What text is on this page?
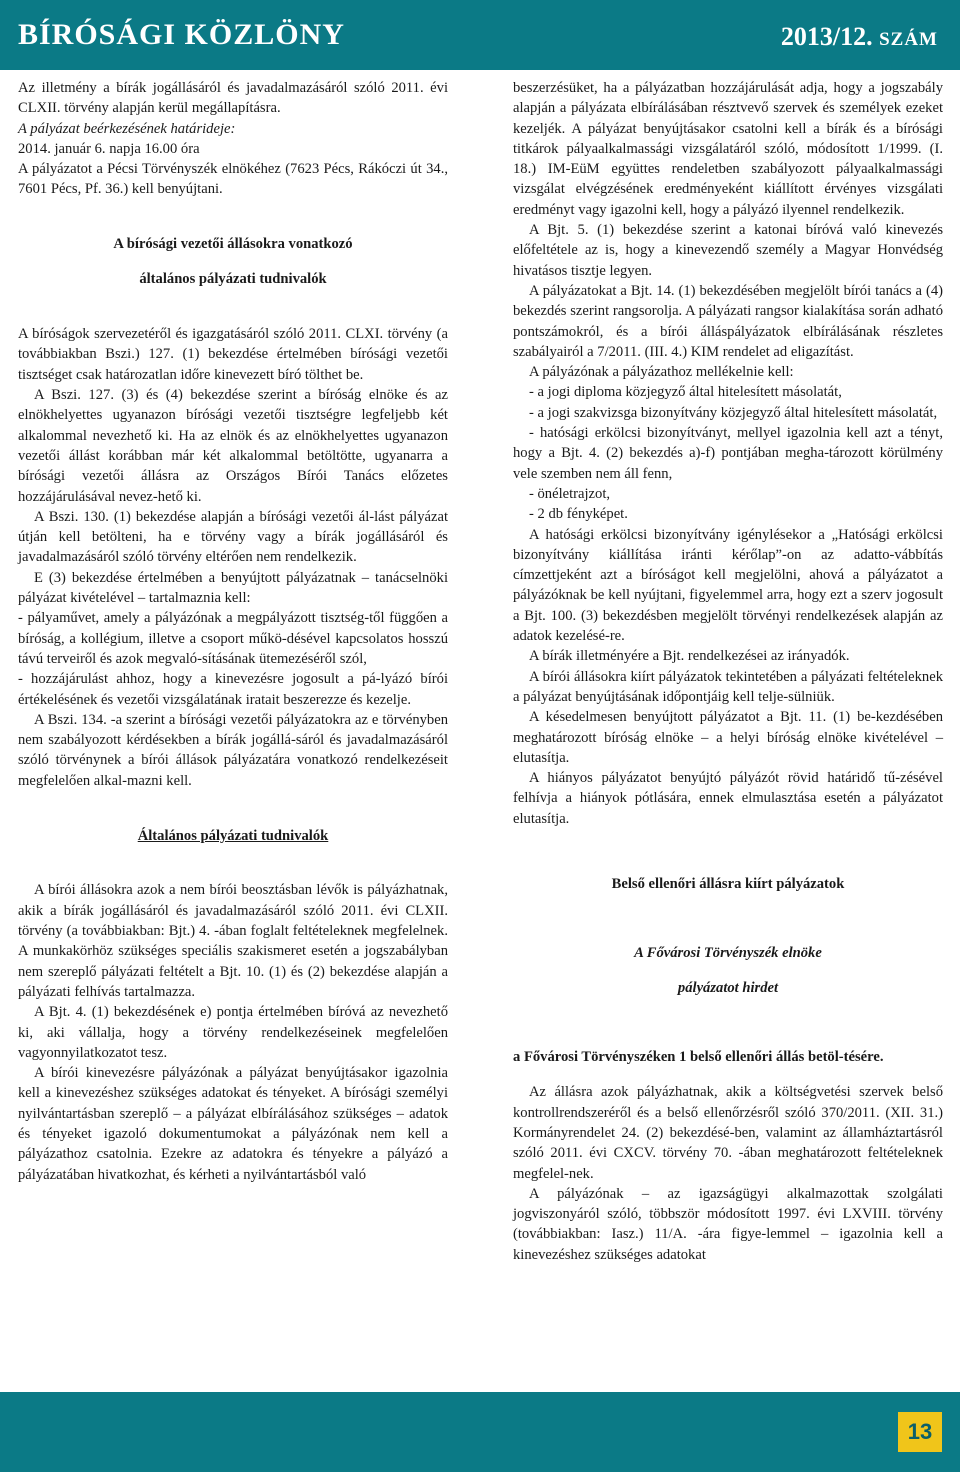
BÍRÓSÁGI KÖZLÖNY	2013/12. SZÁM

Az illetmény a bírák jogállásáról és javadalmazásáról szóló 2011. évi CLXII. törvény alapján kerül megállapításra.

A pályázat beérkezésének határideje:

2014. január 6. napja 16.00 óra

A pályázatot a Pécsi Törvényszék elnökéhez (7623 Pécs, Rákóczi út 34., 7601 Pécs, Pf. 36.) kell benyújtani.

A bírósági vezetői állásokra vonatkozó

általános pályázati tudnivalók

A bíróságok szervezetéről és igazgatásáról szóló 2011. CLXI. törvény (a továbbiakban Bszi.) 127. (1) bekezdése értelmében bírósági vezetői tisztséget csak határozatlan időre kinevezett bíró tölthet be.

A Bszi. 127. (3) és (4) bekezdése szerint a bíróság elnöke és az elnökhelyettes ugyanazon bírósági vezetői tisztségre legfeljebb két alkalommal nevezhető ki. Ha az elnök és az elnökhelyettes ugyanazon vezetői állást korábban már két alkalommal betöltötte, ugyanarra a bírósági vezetői állásra az Országos Bírói Tanács előzetes hozzájárulásával nevez-hető ki.

A Bszi. 130. (1) bekezdése alapján a bírósági vezetői ál-lást pályázat útján kell betölteni, ha e törvény vagy a bírák jogállásáról és javadalmazásáról szóló törvény eltérően nem rendelkezik.

E (3) bekezdése értelmében a benyújtott pályázatnak – tanácselnöki pályázat kivételével – tartalmaznia kell:

- pályaművet, amely a pályázónak a megpályázott tisztség-től függően a bíróság, a kollégium, illetve a csoport műkö-désével kapcsolatos hosszú távú terveiről és azok megvaló-sításának ütemezéséről szól,

- hozzájárulást ahhoz, hogy a kinevezésre jogosult a pá-lyázó bírói értékelésének és vezetői vizsgálatának iratait beszerezze és kezelje.

A Bszi. 134. -a szerint a bírósági vezetői pályázatokra az e törvényben nem szabályozott kérdésekben a bírák jogállá-sáról és javadalmazásáról szóló törvénynek a bírói állások pályázatára vonatkozó rendelkezéseit megfelelően alkal-mazni kell.

Általános pályázati tudnivalók

A bírói állásokra azok a nem bírói beosztásban lévők is pályázhatnak, akik a bírák jogállásáról és javadalmazásáról szóló 2011. évi CLXII. törvény (a továbbiakban: Bjt.) 4. -ában foglalt feltételeknek megfelelnek. A munkakörhöz szükséges speciális szakismeret esetén a jogszabályban nem szereplő pályázati feltételt a Bjt. 10. (1) és (2) bekezdése alapján a pályázati felhívás tartalmazza.

A Bjt. 4. (1) bekezdésének e) pontja értelmében bíróvá az nevezhető ki, aki vállalja, hogy a törvény rendelkezéseinek megfelelően vagyonnyilatkozatot tesz.

A bírói kinevezésre pályázónak a pályázat benyújtásakor igazolnia kell a kinevezéshez szükséges adatokat és tényeket. A bírósági személyi nyilvántartásban szereplő – a pályázat elbírálásához szükséges – adatok és tényeket igazoló dokumentumokat a pályázónak nem kell a pályázathoz csatolnia. Ezekre az adatokra és tényekre a pályázó a pályázatában hivatkozhat, és kérheti a nyilvántartásból való

beszerzésüket, ha a pályázatban hozzájárulását adja, hogy a jogszabály alapján a pályázata elbírálásában résztvevő szervek és személyek ezeket kezeljék. A pályázat benyújtásakor csatolni kell a bírák és a bírósági titkárok pályaalkalmassági vizsgálatáról szóló, módosított 1/1999. (I. 18.) IM-EüM együttes rendeletben szabályozott pályaalkalmassági vizsgálat elvégzésének eredményeként kiállított érvényes vizsgálati eredményt vagy igazolni kell, hogy a pályázó ilyennel rendelkezik.

A Bjt. 5. (1) bekezdése szerint a katonai bíróvá való kinevezés előfeltétele az is, hogy a kinevezendő személy a Magyar Honvédség hivatásos tisztje legyen.

A pályázatokat a Bjt. 14. (1) bekezdésében megjelölt bírói tanács a (4) bekezdés szerint rangsorolja. A pályázati rangsor kialakítása során adható pontszámokról, és a bírói álláspályázatok elbírálásának részletes szabályairól a 7/2011. (III. 4.) KIM rendelet ad eligazítást.

A pályázónak a pályázathoz mellékelnie kell:

- a jogi diploma közjegyző által hitelesített másolatát,

- a jogi szakvizsga bizonyítvány közjegyző által hitelesített másolatát,

- hatósági erkölcsi bizonyítványt, mellyel igazolnia kell azt a tényt, hogy a Bjt. 4. (2) bekezdés a)-f) pontjában megha-tározott körülmény vele szemben nem áll fenn,

- önéletrajzot,

- 2 db fényképet.

A hatósági erkölcsi bizonyítvány igénylésekor a „Hatósági erkölcsi bizonyítvány kiállítása iránti kérőlap”-on az adatto-vábbítás címzettjeként azt a bíróságot kell megjelölni, ahová a pályázatot a pályázóknak be kell nyújtani, figyelemmel arra, hogy ezt a szerv jogosult a Bjt. 100. (3) bekezdésben megjelölt törvényi rendelkezések alapján az adatok kezelésé-re.

A bírák illetményére a Bjt. rendelkezései az irányadók.

A bírói állásokra kiírt pályázatok tekintetében a pályázati feltételeknek a pályázat benyújtásának időpontjáig kell telje-sülniük.

A késedelmesen benyújtott pályázatot a Bjt. 11. (1) be-kezdésében meghatározott bíróság elnöke – a helyi bíróság elnöke kivételével – elutasítja.

A hiányos pályázatot benyújtó pályázót rövid határidő tű-zésével felhívja a hiányok pótlására, ennek elmulasztása esetén a pályázatot elutasítja.

Belső ellenőri állásra kiírt pályázatok

A Fővárosi Törvényszék elnöke

pályázatot hirdet

a Fővárosi Törvényszéken 1 belső ellenőri állás betöl-tésére.

Az állásra azok pályázhatnak, akik a költségvetési szervek belső kontrollrendszeréről és a belső ellenőrzésről szóló 370/2011. (XII. 31.) Kormányrendelet 24. (2) bekezdésé-ben, valamint az államháztartásról szóló 2011. évi CXCV. törvény 70. -ában meghatározott feltételeknek megfelel-nek.

A pályázónak – az igazságügyi alkalmazottak szolgálati jogviszonyáról szóló, többször módosított 1997. évi LXVIII. törvény (továbbiakban: Iasz.) 11/A. -ára figye-lemmel – igazolnia kell a kinevezéshez szükséges adatokat

13
